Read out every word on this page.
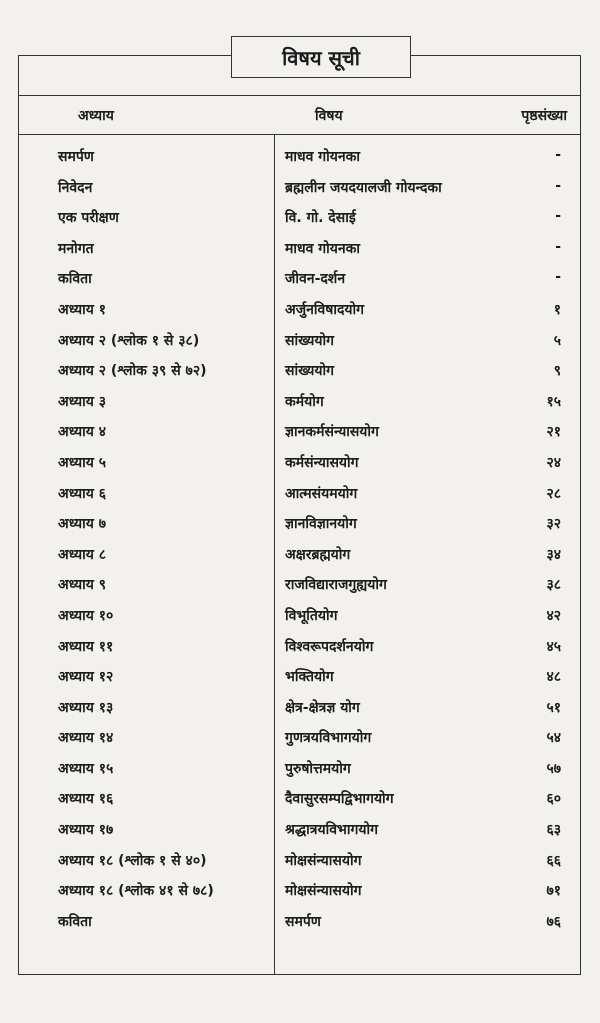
विषय सूची
अध्याय	विषय	पृष्ठसंख्या
समर्पण	माधव गोयनका	-
निवेदन	ब्रह्मलीन जयदयालजी गोयन्दका	-
एक परीक्षण	वि. गो. देसाई	-
मनोगत	माधव गोयनका	-
कविता	जीवन-दर्शन	-
अध्याय १	अर्जुनविषादयोग	१
अध्याय २ (श्लोक १ से ३८)	सांख्ययोग	५
अध्याय २ (श्लोक ३९ से ७२)	सांख्ययोग	९
अध्याय ३	कर्मयोग	१५
अध्याय ४	ज्ञानकर्मसंन्यासयोग	२१
अध्याय ५	कर्मसंन्यासयोग	२४
अध्याय ६	आत्मसंयमयोग	२८
अध्याय ७	ज्ञानविज्ञानयोग	३२
अध्याय ८	अक्षरब्रह्मयोग	३४
अध्याय ९	राजविद्याराजगुह्ययोग	३८
अध्याय १०	विभूतियोग	४२
अध्याय ११	विश्वरूपदर्शनयोग	४५
अध्याय १२	भक्तियोग	४८
अध्याय १३	क्षेत्र-क्षेत्रज्ञ योग	५१
अध्याय १४	गुणत्रयविभागयोग	५४
अध्याय १५	पुरुषोत्तमयोग	५७
अध्याय १६	दैवासुरसम्पद्विभागयोग	६०
अध्याय १७	श्रद्धात्रयविभागयोग	६३
अध्याय १८ (श्लोक १ से ४०)	मोक्षसंन्यासयोग	६६
अध्याय १८ (श्लोक ४१ से ७८)	मोक्षसंन्यासयोग	७१
कविता	समर्पण	७६
